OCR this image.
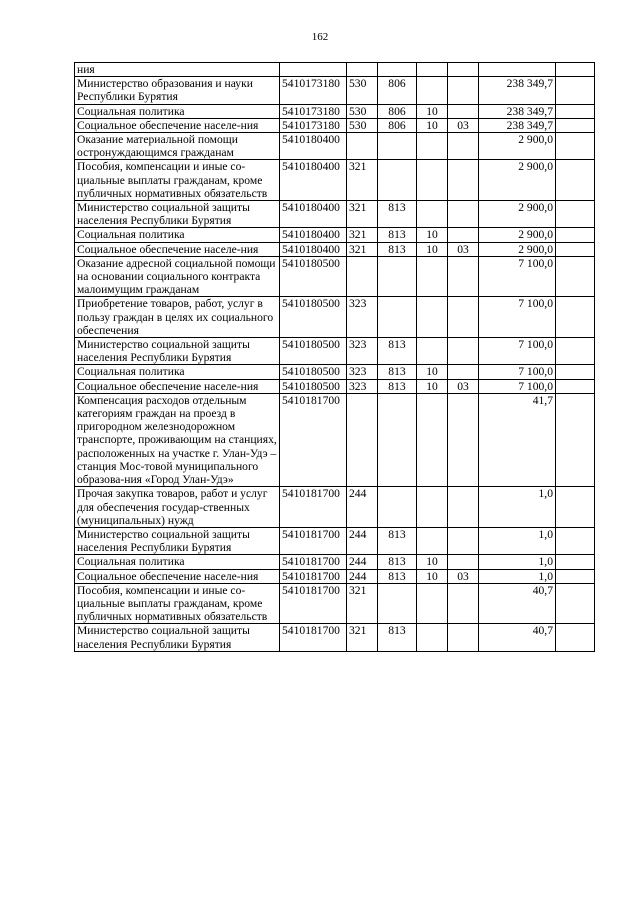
162
ния							
Министерство образования и науки Республики Бурятия	5410173180	530	806			238 349,7	
Социальная политика	5410173180	530	806	10		238 349,7	
Социальное обеспечение населе-ния	5410173180	530	806	10	03	238 349,7	
Оказание материальной помощи остронуждающимся гражданам	5410180400					2 900,0	
Пособия, компенсации и иные со-циальные выплаты гражданам, кроме публичных нормативных обязательств	5410180400	321				2 900,0	
Министерство социальной защиты населения Республики Бурятия	5410180400	321	813			2 900,0	
Социальная политика	5410180400	321	813	10		2 900,0	
Социальное обеспечение населе-ния	5410180400	321	813	10	03	2 900,0	
Оказание адресной социальной помощи на основании социального контракта малоимущим гражданам	5410180500					7 100,0	
Приобретение товаров, работ, услуг в пользу граждан в целях их социального обеспечения	5410180500	323				7 100,0	
Министерство социальной защиты населения Республики Бурятия	5410180500	323	813			7 100,0	
Социальная политика	5410180500	323	813	10		7 100,0	
Социальное обеспечение населе-ния	5410180500	323	813	10	03	7 100,0	
Компенсация расходов отдельным категориям граждан на проезд в пригородном железнодорожном транспорте, проживающим на станциях, расположенных на участке г. Улан-Удэ – станция Мос-товой муниципального образова-ния «Город Улан-Удэ»	5410181700					41,7	
Прочая закупка товаров, работ и услуг для обеспечения государ-ственных (муниципальных) нужд	5410181700	244				1,0	
Министерство социальной защиты населения Республики Бурятия	5410181700	244	813			1,0	
Социальная политика	5410181700	244	813	10		1,0	
Социальное обеспечение населе-ния	5410181700	244	813	10	03	1,0	
Пособия, компенсации и иные со-циальные выплаты гражданам, кроме публичных нормативных обязательств	5410181700	321				40,7	
Министерство социальной защиты населения Республики Бурятия	5410181700	321	813			40,7	
